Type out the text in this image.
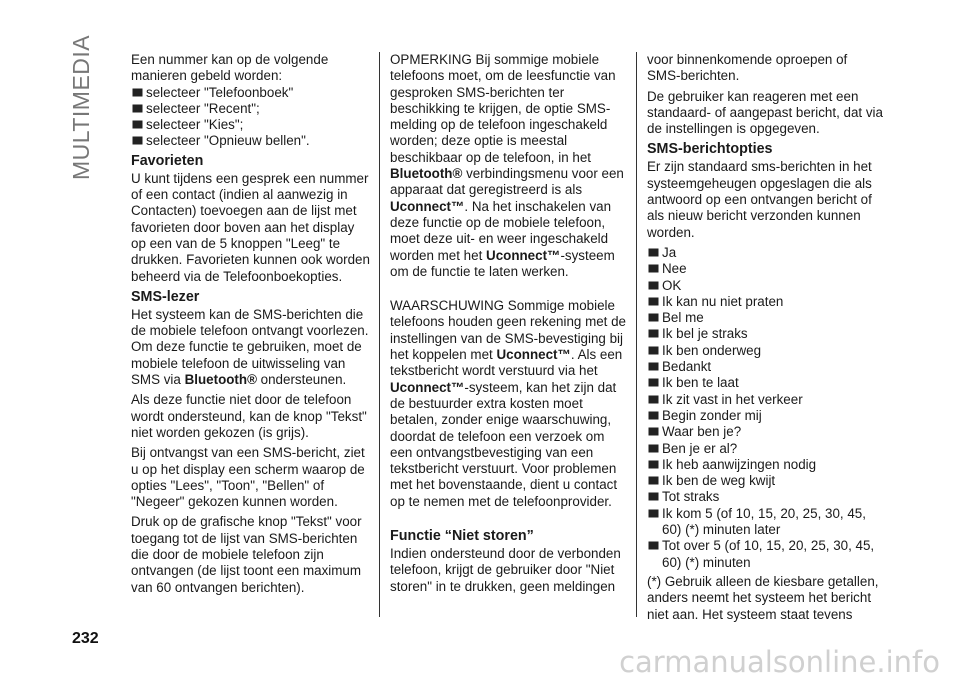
MULTIMEDIA
232
carmanualsonline.info

Een nummer kan op de volgende manieren gebeld worden:

selecteer "Telefoonboek"
selecteer "Recent";
selecteer "Kies";
selecteer "Opnieuw bellen".
Favorieten

U kunt tijdens een gesprek een nummer of een contact (indien al aanwezig in Contacten) toevoegen aan de lijst met favorieten door boven aan het display op een van de 5 knoppen "Leeg" te drukken. Favorieten kunnen ook worden beheerd via de Telefoonboekopties.

SMS-lezer

Het systeem kan de SMS-berichten die de mobiele telefoon ontvangt voorlezen. Om deze functie te gebruiken, moet de mobiele telefoon de uitwisseling van SMS via Bluetooth® ondersteunen.

Als deze functie niet door de telefoon wordt ondersteund, kan de knop "Tekst" niet worden gekozen (is grijs).

Bij ontvangst van een SMS-bericht, ziet u op het display een scherm waarop de opties "Lees", "Toon", "Bellen" of "Negeer" gekozen kunnen worden.

Druk op de grafische knop "Tekst" voor toegang tot de lijst van SMS-berichten die door de mobiele telefoon zijn ontvangen (de lijst toont een maximum van 60 ontvangen berichten).

OPMERKING Bij sommige mobiele telefoons moet, om de leesfunctie van gesproken SMS-berichten ter beschikking te krijgen, de optie SMS-melding op de telefoon ingeschakeld worden; deze optie is meestal beschikbaar op de telefoon, in het Bluetooth® verbindingsmenu voor een apparaat dat geregistreerd is als Uconnect™. Na het inschakelen van deze functie op de mobiele telefoon, moet deze uit- en weer ingeschakeld worden met het Uconnect™-systeem om de functie te laten werken.

WAARSCHUWING Sommige mobiele telefoons houden geen rekening met de instellingen van de SMS-bevestiging bij het koppelen met Uconnect™. Als een tekstbericht wordt verstuurd via het Uconnect™-systeem, kan het zijn dat de bestuurder extra kosten moet betalen, zonder enige waarschuwing, doordat de telefoon een verzoek om een ontvangstbevestiging van een tekstbericht verstuurt. Voor problemen met het bovenstaande, dient u contact op te nemen met de telefoonprovider.

Functie “Niet storen”

Indien ondersteund door de verbonden telefoon, krijgt de gebruiker door "Niet storen" in te drukken, geen meldingen

voor binnenkomende oproepen of SMS-berichten.

De gebruiker kan reageren met een standaard- of aangepast bericht, dat via de instellingen is opgegeven.

SMS-berichtopties

Er zijn standaard sms-berichten in het systeemgeheugen opgeslagen die als antwoord op een ontvangen bericht of als nieuw bericht verzonden kunnen worden.

Ja
Nee
OK
Ik kan nu niet praten
Bel me
Ik bel je straks
Ik ben onderweg
Bedankt
Ik ben te laat
Ik zit vast in het verkeer
Begin zonder mij
Waar ben je?
Ben je er al?
Ik heb aanwijzingen nodig
Ik ben de weg kwijt
Tot straks
Ik kom 5 (of 10, 15, 20, 25, 30, 45, 60) (*) minuten later
Tot over 5 (of 10, 15, 20, 25, 30, 45, 60) (*) minuten

(*) Gebruik alleen de kiesbare getallen, anders neemt het systeem het bericht niet aan. Het systeem staat tevens
